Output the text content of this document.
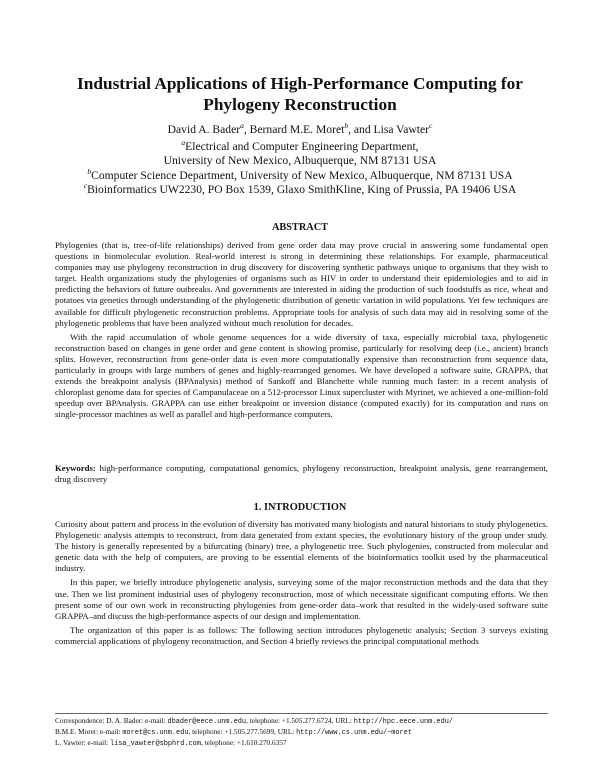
Industrial Applications of High-Performance Computing for
Phylogeny Reconstruction
David A. Bader$^a$, Bernard M.E. Moret$^b$, and Lisa Vawter$^c$
$^a$Electrical and Computer Engineering Department,
University of New Mexico, Albuquerque, NM 87131 USA
$^b$Computer Science Department, University of New Mexico, Albuquerque, NM 87131 USA
$^c$Bioinformatics UW2230, PO Box 1539, Glaxo SmithKline, King of Prussia, PA 19406 USA
ABSTRACT

Phylogenies (that is, tree-of-life relationships) derived from gene order data may prove crucial in answering some fundamental open questions in biomolecular evolution. Real-world interest is strong in determining these relationships. For example, pharmaceutical companies may use phylogeny reconstruction in drug discovery for discovering synthetic pathways unique to organisms that they wish to target. Health organizations study the phylogenies of organisms such as HIV in order to understand their epidemiologies and to aid in predicting the behaviors of future outbreaks. And governments are interested in aiding the production of such foodstuffs as rice, wheat and potatoes via genetics through understanding of the phylogenetic distribution of genetic variation in wild populations. Yet few techniques are available for difficult phylogenetic reconstruction problems. Appropriate tools for analysis of such data may aid in resolving some of the phylogenetic problems that have been analyzed without much resolution for decades.

With the rapid accumulation of whole genome sequences for a wide diversity of taxa, especially microbial taxa, phylogenetic reconstruction based on changes in gene order and gene content is showing promise, particularly for resolving deep (i.e., ancient) branch splits. However, reconstruction from gene-order data is even more computationally expensive than reconstruction from sequence data, particularly in groups with large numbers of genes and highly-rearranged genomes. We have developed a software suite, GRAPPA, that extends the breakpoint analysis (BPAnalysis) method of Sankoff and Blanchette while running much faster: in a recent analysis of chloroplast genome data for species of Campanulaceae on a 512-processor Linux supercluster with Myrinet, we achieved a one-million-fold speedup over BPAnalysis. GRAPPA can use either breakpoint or inversion distance (computed exactly) for its computation and runs on single-processor machines as well as parallel and high-performance computers.

Keywords: high-performance computing, computational genomics, phylogeny reconstruction, breakpoint analysis, gene rearrangement, drug discovery

1. INTRODUCTION

Curiosity about pattern and process in the evolution of diversity has motivated many biologists and natural historians to study phylogenetics. Phylogenetic analysis attempts to reconstruct, from data generated from extant species, the evolutionary history of the group under study. The history is generally represented by a bifurcating (binary) tree, a phylogenetic tree. Such phylogenies, constructed from molecular and genetic data with the help of computers, are proving to be essential elements of the bioinformatics toolkit used by the pharmaceutical industry.

In this paper, we briefly introduce phylogenetic analysis, surveying some of the major reconstruction methods and the data that they use. Then we list prominent industrial uses of phylogeny reconstruction, most of which necessitate significant computing efforts. We then present some of our own work in reconstructing phylogenies from gene-order data–work that resulted in the widely-used software suite GRAPPA–and discuss the high-performance aspects of our design and implementation.

The organization of this paper is as follows: The following section introduces phylogenetic analysis; Section 3 surveys existing commercial applications of phylogeny reconstruction, and Section 4 briefly reviews the principal computational methods

Correspondence: D. A. Bader: e-mail: dbader@eece.unm.edu, telephone: +1.505.277.6724, URL: http://hpc.eece.unm.edu/
B.M.E. Moret: e-mail: moret@cs.unm.edu, telephone: +1.505.277.5699, URL: http://www.cs.unm.edu/~moret
L. Vawter: e-mail: lisa_vawter@sbphrd.com, telephone: +1.610.270.6357
